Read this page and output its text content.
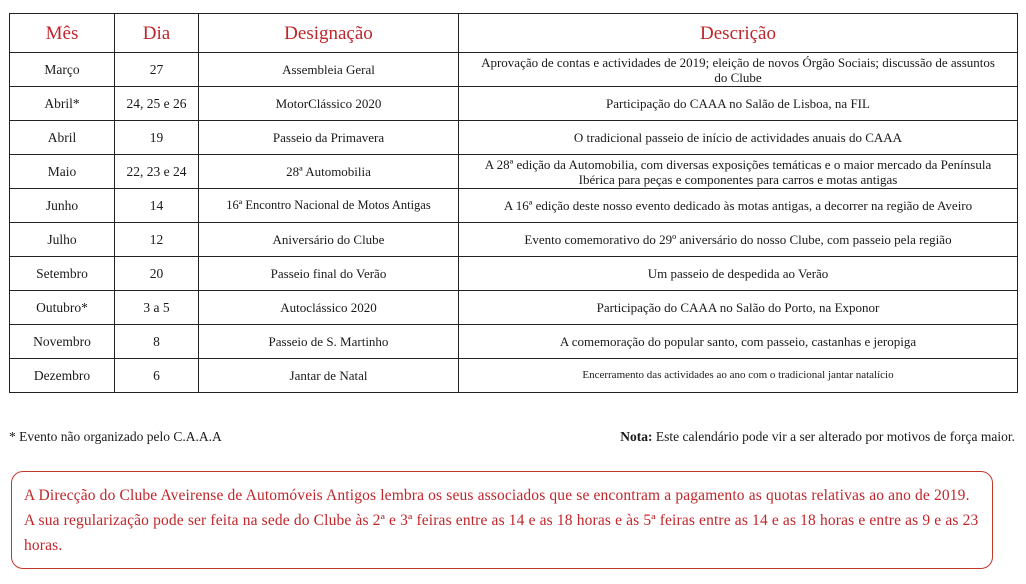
Mês	Dia	Designação	Descrição
Março	27	Assembleia Geral	Aprovação de contas e actividades de 2019; eleição de novos Órgão Sociais; discussão de assuntos do Clube
Abril*	24, 25 e 26	MotorClássico 2020	Participação do CAAA no Salão de Lisboa, na FIL
Abril	19	Passeio da Primavera	O tradicional passeio de início de actividades anuais do CAAA
Maio	22, 23 e 24	28ª Automobilia	A 28ª edição da Automobilia, com diversas exposições temáticas e o maior mercado da Península Ibérica para peças e componentes para carros e motas antigas
Junho	14	16ª Encontro Nacional de Motos Antigas	A 16ª edição deste nosso evento dedicado às motas antigas, a decorrer na região de Aveiro
Julho	12	Aniversário do Clube	Evento comemorativo do 29º aniversário do nosso Clube, com passeio pela região
Setembro	20	Passeio final do Verão	Um passeio de despedida ao Verão
Outubro*	3 a 5	Autoclássico 2020	Participação do CAAA no Salão do Porto, na Exponor
Novembro	8	Passeio de S. Martinho	A comemoração do popular santo, com passeio, castanhas e jeropiga
Dezembro	6	Jantar de Natal	Encerramento das actividades ao ano com o tradicional jantar natalício
* Evento não organizado pelo C.A.A.A	Nota: Este calendário pode vir a ser alterado por motivos de força maior.
A Direcção do Clube Aveirense de Automóveis Antigos lembra os seus associados que se encontram a pagamento as quotas relativas ao ano de 2019. A sua regularização pode ser feita na sede do Clube às 2ª e 3ª feiras entre as 14 e as 18 horas e às 5ª feiras entre as 14 e as 18 horas e entre as 9 e as 23 horas.
